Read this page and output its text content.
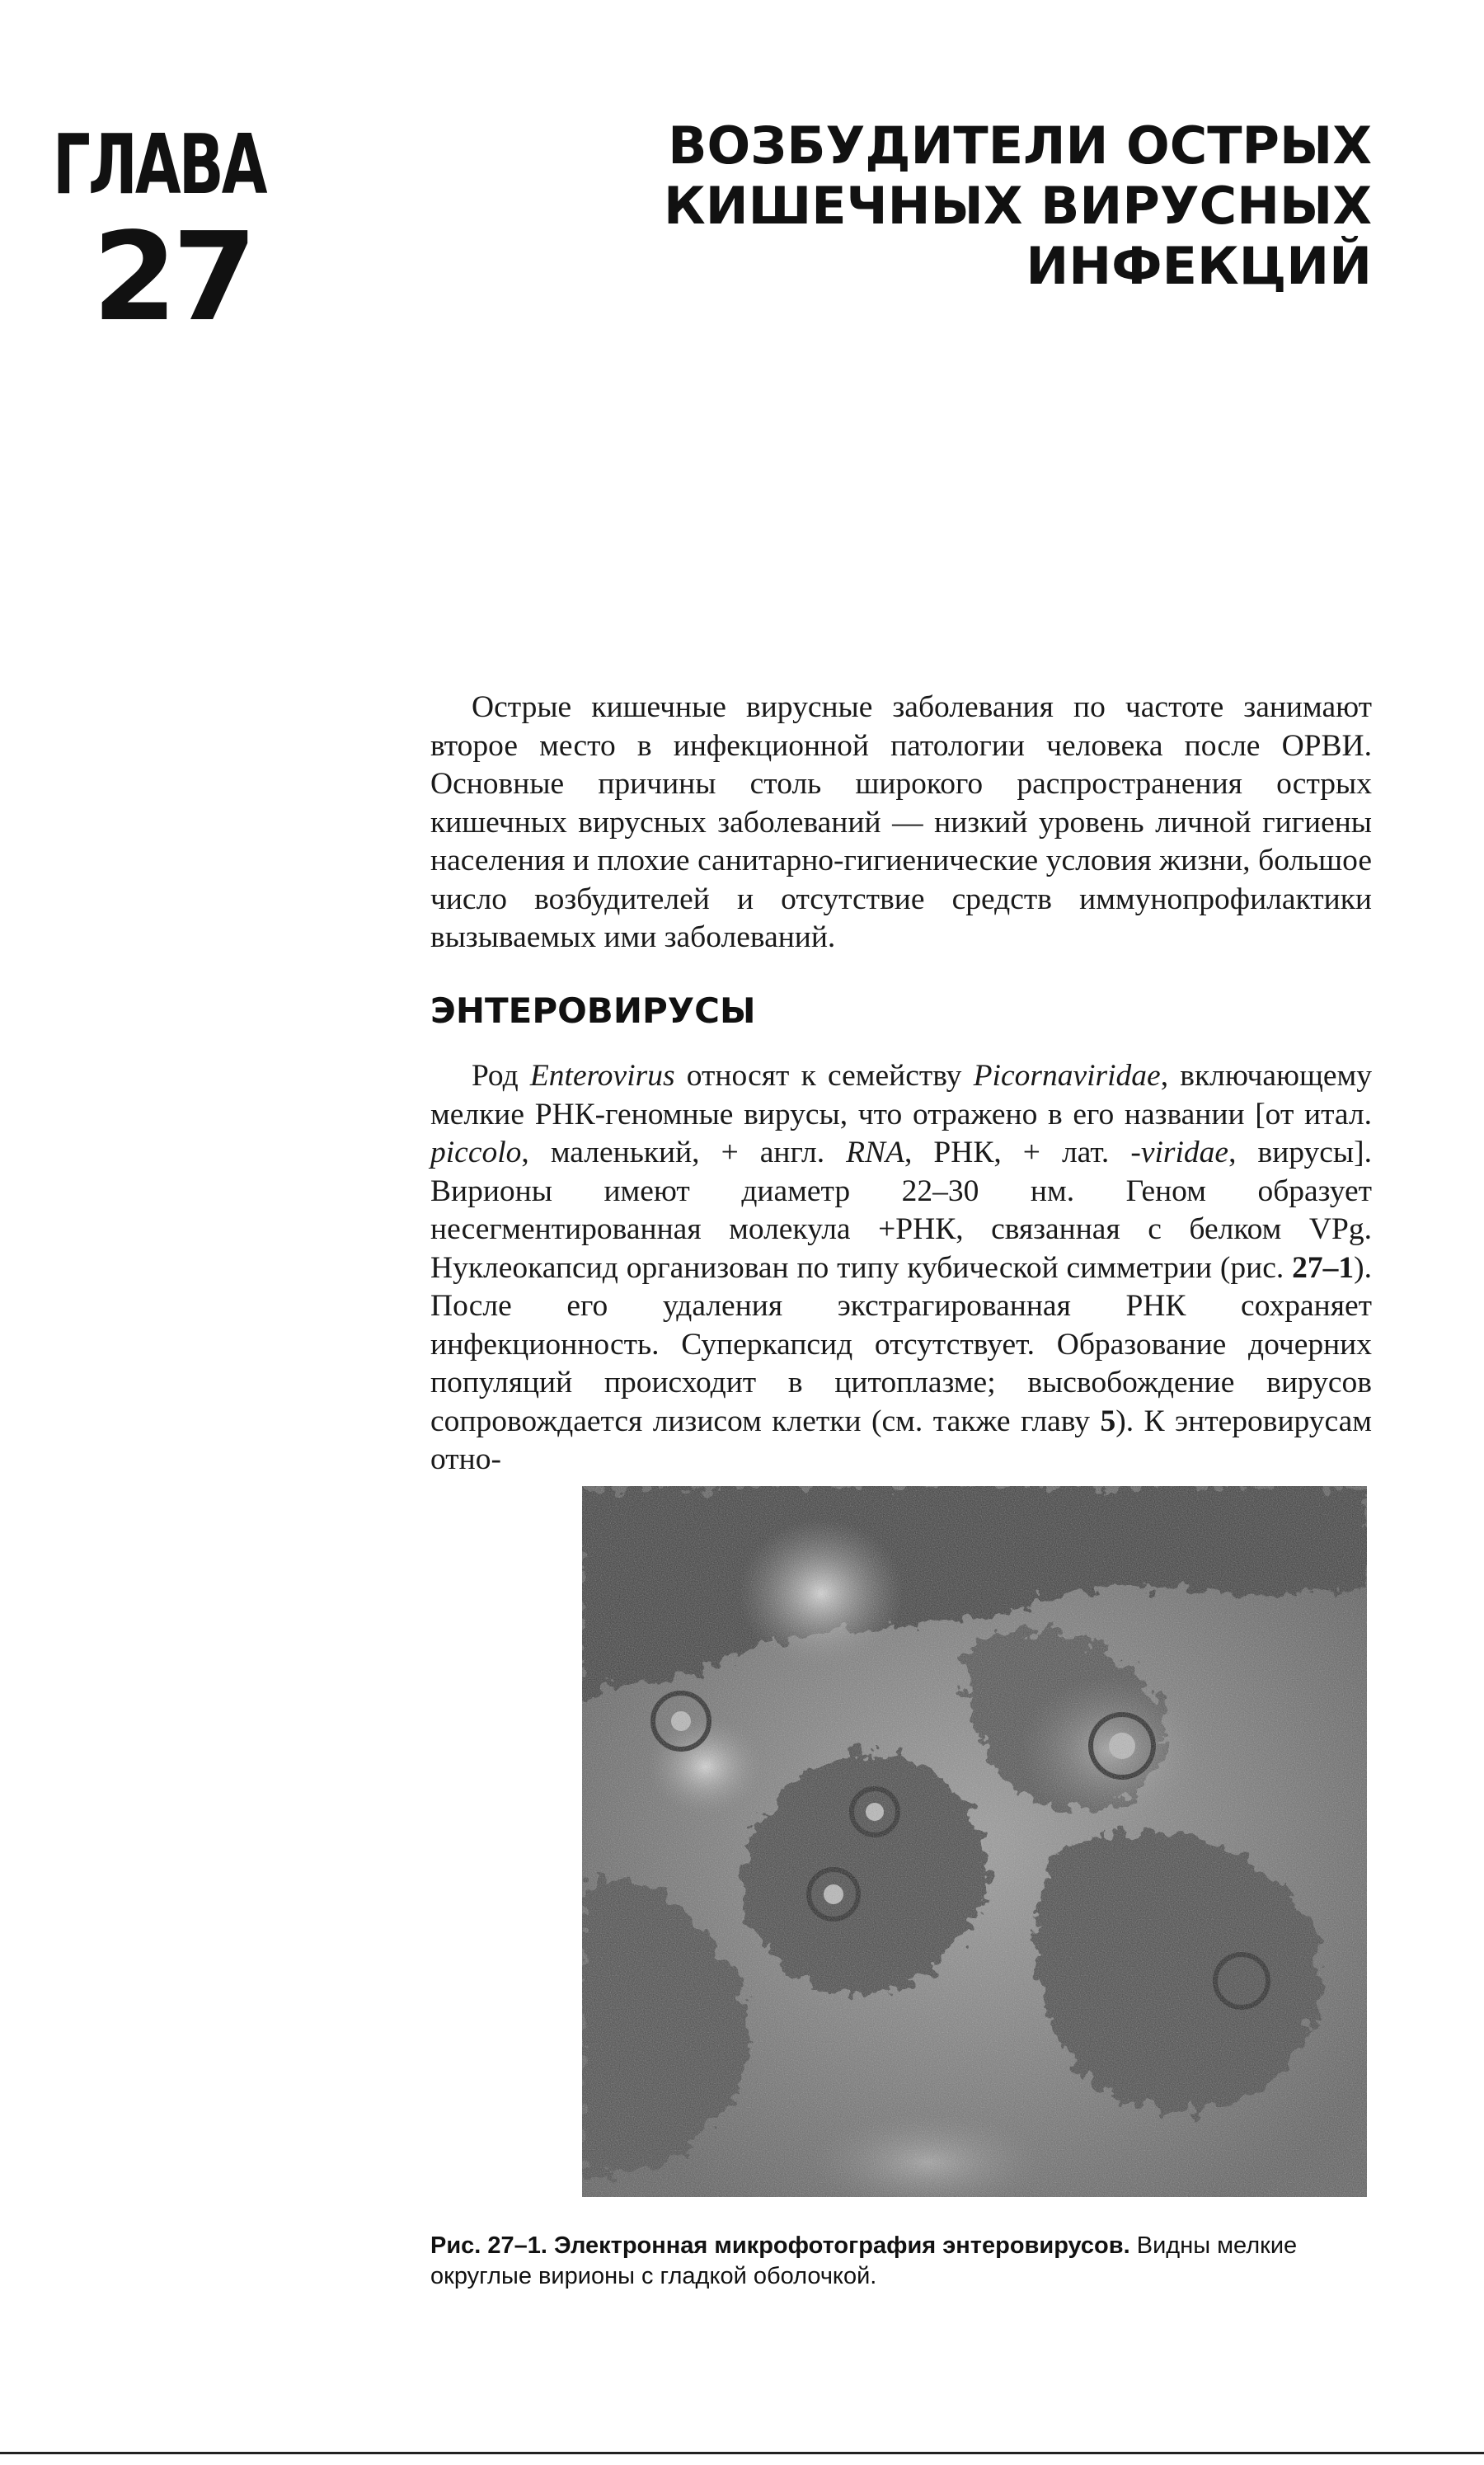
ГЛАВА
27
ВОЗБУДИТЕЛИ ОСТРЫХ
КИШЕЧНЫХ ВИРУСНЫХ
ИНФЕКЦИЙ

Острые кишечные вирусные заболевания по частоте занимают второе место в инфекционной патологии человека после ОРВИ. Основные причины столь широкого распространения острых кишечных вирусных заболеваний — низкий уровень личной гигиены населения и плохие санитарно-гигиенические условия жизни, большое число возбудителей и отсутствие средств иммунопрофилактики вызываемых ими заболеваний.

ЭНТЕРОВИРУСЫ

Род Enterovirus относят к семейству Picornaviridae, включающему мелкие РНК-геномные вирусы, что отражено в его названии [от итал. piccolo, маленький, + англ. RNA, РНК, + лат. -viridae, вирусы]. Вирионы имеют диаметр 22–30 нм. Геном образует несегментированная молекула +РНК, связанная с белком VPg. Нуклеокапсид организован по типу кубической симметрии (рис. 27–1). После его удаления экстрагированная РНК сохраняет инфекционность. Суперкапсид отсутствует. Образование дочерних популяций происходит в цитоплазме; высвобождение вирусов сопровождается лизисом клетки (см. также главу 5). К энтеровирусам отно-

Рис. 27–1. Электронная микрофотография энтеровирусов. Видны мелкие округлые вирионы с гладкой оболочкой.
